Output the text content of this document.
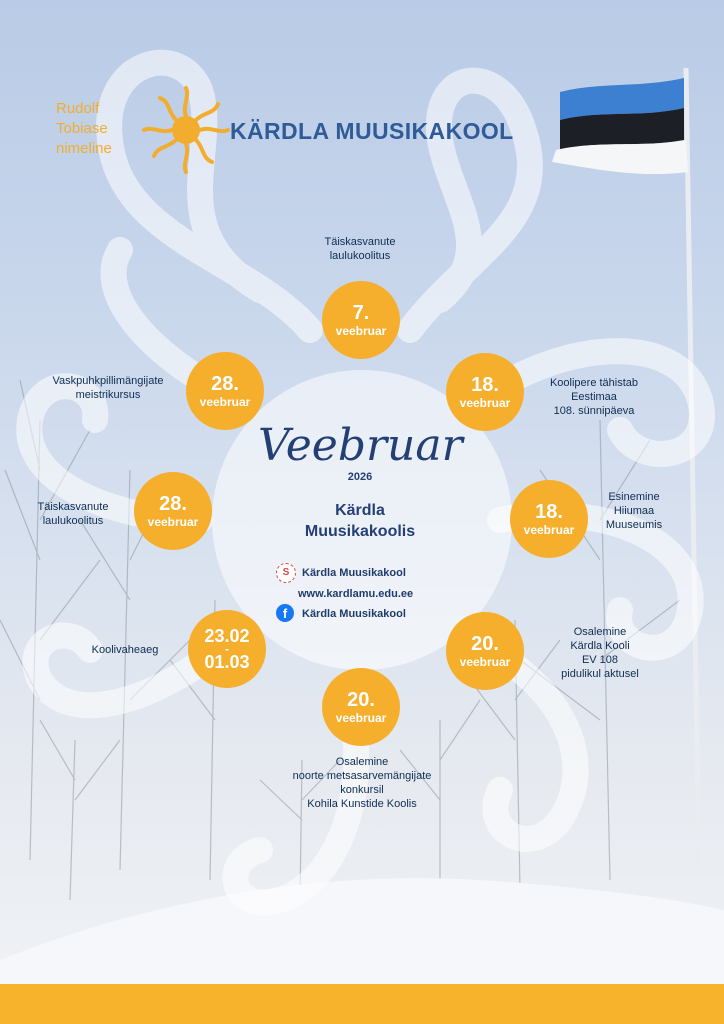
Rudolf
Tobiase
nimeline
KÄRDLA MUUSIKAKOOL
7.
veebruar
Täiskasvanute
laulukoolitus
18.
veebruar
Koolipere tähistab
Eestimaa
108. sünnipäeva
18.
veebruar
Esinemine
Hiiumaa
Muuseumis
20.
veebruar
Osalemine
Kärdla Kooli
EV 108
pidulikul aktusel
20.
veebruar
Osalemine
noorte metsasarvemängijate
konkursil
Kohila Kunstide Koolis
23.02
-
01.03
Koolivaheaeg
28.
veebruar
Täiskasvanute
laulukoolitus
28.
veebruar
Vaskpuhkpillimängijate
meistrikursus
Veebruar
2026
Kärdla
Muusikakoolis
S	Kärdla Muusikakool
www.kardlamu.edu.ee
f	Kärdla Muusikakool
